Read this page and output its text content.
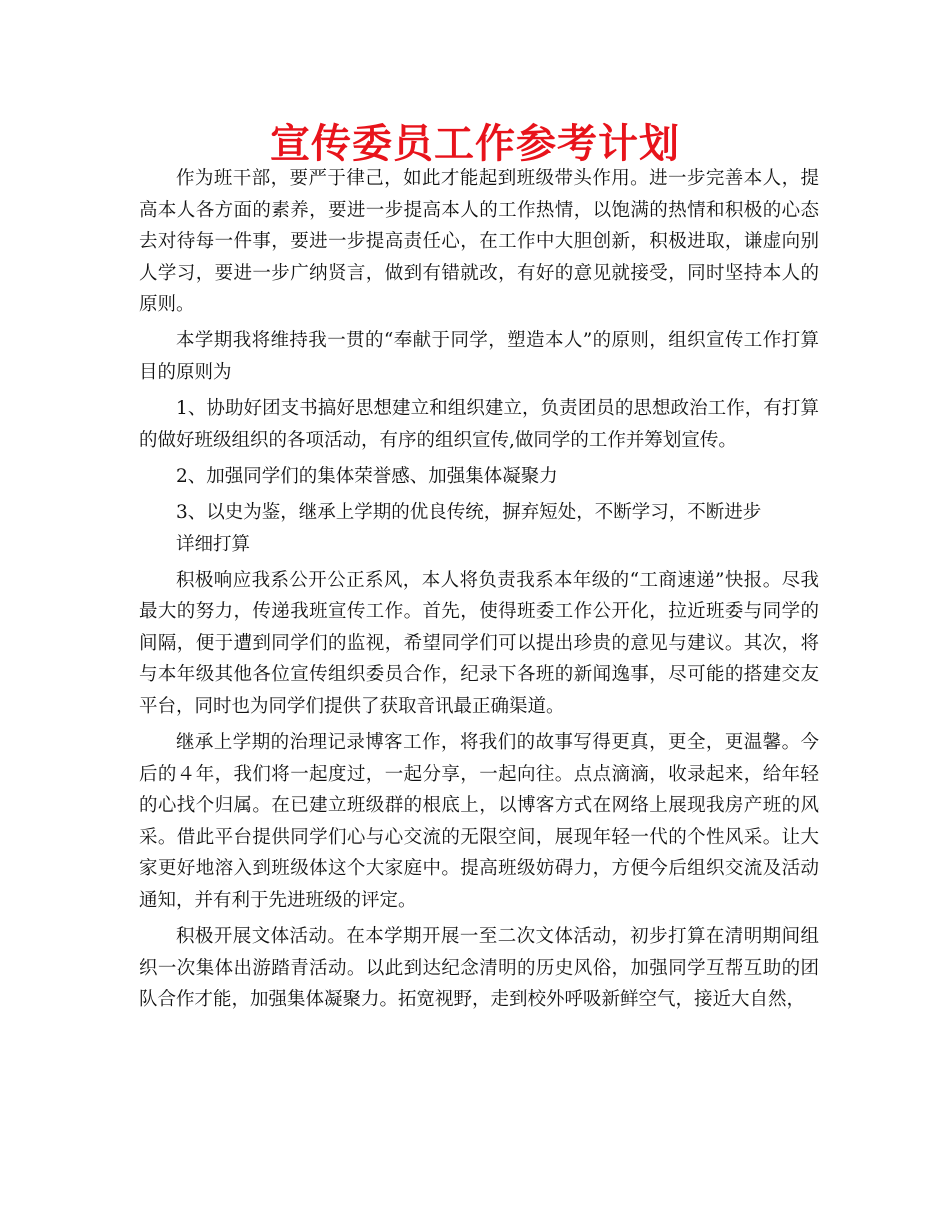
宣传委员工作参考计划

作为班干部，要严于律己，如此才能起到班级带头作用。进一步完善本人，提高本人各方面的素养，要进一步提高本人的工作热情，以饱满的热情和积极的心态去对待每一件事，要进一步提高责任心，在工作中大胆创新，积极进取，谦虚向别人学习，要进一步广纳贤言，做到有错就改，有好的意见就接受，同时坚持本人的原则。

本学期我将维持我一贯的“奉献于同学，塑造本人”的原则，组织宣传工作打算目的原则为

1、协助好团支书搞好思想建立和组织建立，负责团员的思想政治工作，有打算的做好班级组织的各项活动，有序的组织宣传,做同学的工作并筹划宣传。

2、加强同学们的集体荣誉感、加强集体凝聚力

3、以史为鉴，继承上学期的优良传统，摒弃短处，不断学习，不断进步

详细打算

积极响应我系公开公正系风，本人将负责我系本年级的“工商速递”快报。尽我最大的努力，传递我班宣传工作。首先，使得班委工作公开化，拉近班委与同学的间隔，便于遭到同学们的监视，希望同学们可以提出珍贵的意见与建议。其次，将与本年级其他各位宣传组织委员合作，纪录下各班的新闻逸事，尽可能的搭建交友平台，同时也为同学们提供了获取音讯最正确渠道。

继承上学期的治理记录博客工作，将我们的故事写得更真，更全，更温馨。今后的４年，我们将一起度过，一起分享，一起向往。点点滴滴，收录起来，给年轻的心找个归属。在已建立班级群的根底上，以博客方式在网络上展现我房产班的风采。借此平台提供同学们心与心交流的无限空间，展现年轻一代的个性风采。让大家更好地溶入到班级体这个大家庭中。提高班级妨碍力，方便今后组织交流及活动通知，并有利于先进班级的评定。

积极开展文体活动。在本学期开展一至二次文体活动，初步打算在清明期间组织一次集体出游踏青活动。以此到达纪念清明的历史风俗，加强同学互帮互助的团队合作才能，加强集体凝聚力。拓宽视野，走到校外呼吸新鲜空气，接近大自然，
